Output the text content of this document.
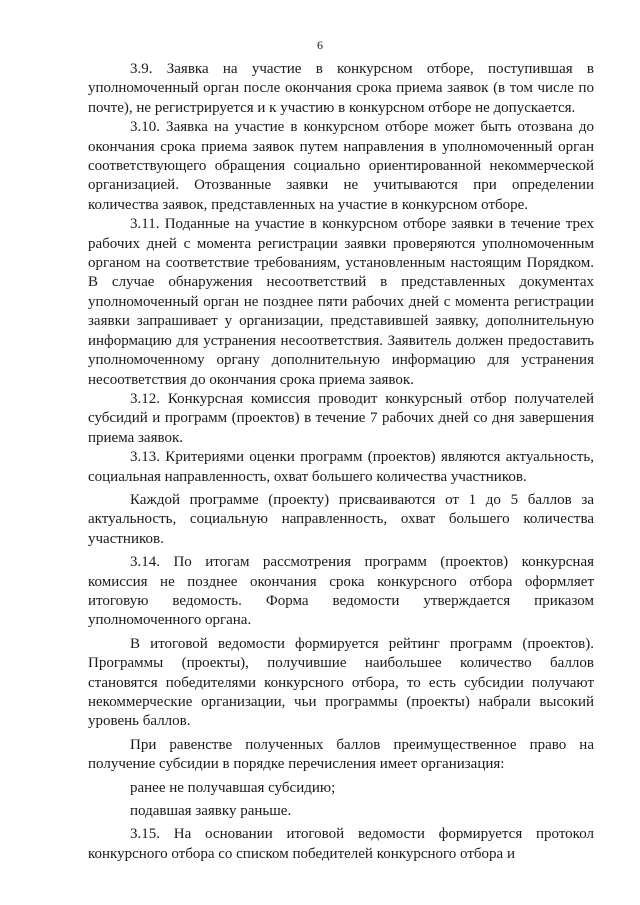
6

3.9. Заявка на участие в конкурсном отборе, поступившая в уполномоченный орган после окончания срока приема заявок (в том числе по почте), не регистрируется и к участию в конкурсном отборе не допускается.

3.10. Заявка на участие в конкурсном отборе может быть отозвана до окончания срока приема заявок путем направления в уполномоченный орган соответствующего обращения социально ориентированной некоммерческой организацией. Отозванные заявки не учитываются при определении количества заявок, представленных на участие в конкурсном отборе.

3.11. Поданные на участие в конкурсном отборе заявки в течение трех рабочих дней с момента регистрации заявки проверяются уполномоченным органом на соответствие требованиям, установленным настоящим Порядком. В случае обнаружения несоответствий в представленных документах уполномоченный орган не позднее пяти рабочих дней с момента регистрации заявки запрашивает у организации, представившей заявку, дополнительную информацию для устранения несоответствия. Заявитель должен предоставить уполномоченному органу дополнительную информацию для устранения несоответствия до окончания срока приема заявок.

3.12. Конкурсная комиссия проводит конкурсный отбор получателей субсидий и программ (проектов) в течение 7 рабочих дней со дня завершения приема заявок.

3.13. Критериями оценки программ (проектов) являются актуальность, социальная направленность, охват большего количества участников.

Каждой программе (проекту) присваиваются от 1 до 5 баллов за актуальность, социальную направленность, охват большего количества участников.

3.14. По итогам рассмотрения программ (проектов) конкурсная комиссия не позднее окончания срока конкурсного отбора оформляет итоговую ведомость. Форма ведомости утверждается приказом уполномоченного органа.

В итоговой ведомости формируется рейтинг программ (проектов). Программы (проекты), получившие наибольшее количество баллов становятся победителями конкурсного отбора, то есть субсидии получают некоммерческие организации, чьи программы (проекты) набрали высокий уровень баллов.

При равенстве полученных баллов преимущественное право на получение субсидии в порядке перечисления имеет организация:

ранее не получавшая субсидию;

подавшая заявку раньше.

3.15. На основании итоговой ведомости формируется протокол конкурсного отбора со списком победителей конкурсного отбора и
